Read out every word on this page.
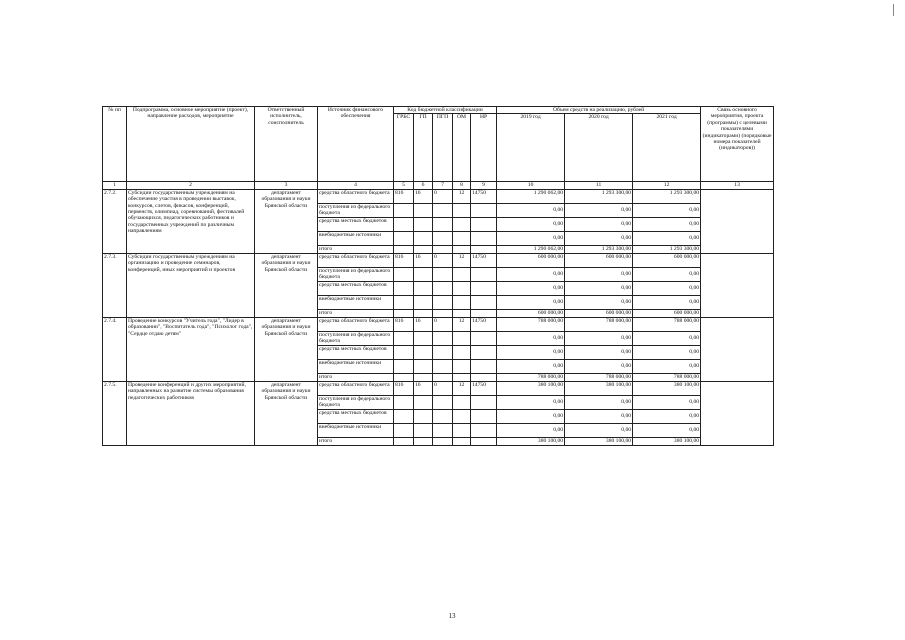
№ пп	Подпрограмма, основное мероприятие (проект), направление расходов, мероприятие	Ответственный исполнитель, соисполнитель	Источник финансового обеспечения	Код бюджетной классификации					Объем средств на реализацию, рублей			Связь основного мероприятия, проекта (программы) с целевыми показателями (индикаторами) (порядковые номера показателей (индикаторов))
				ГРБС	ГП	ПГП	ОМ	НР	2019 год	2020 год	2021 год	
1	2	3	4	5	6	7	8	9	10	11	12	13
2.7.2.	Субсидии государственным учреждениям на обеспечение участия в проведении выставок, конкурсов, слетов, фикасов, конференций, первенств, олимпиад, соревнований, фестивалей обучающихся, педагогических работников и государственных учреждений по различным направлениям	департамент образования и науки Брянской области	средства областного бюджета	816	16	0	12	14750	1 290 062,00	1 293 300,00	1 293 300,00	
			поступления из федерального бюджета						0,00	0,00	0,00	
			средства местных бюджетов						0,00	0,00	0,00	
			внебюджетные источники						0,00	0,00	0,00	
			итого						1 290 062,00	1 293 300,00	1 293 300,00	
2.7.3.	Субсидии государственным учреждениям на организацию и проведение семинаров, конференций, иных мероприятий и проектов	департамент образования и науки Брянской области	средства областного бюджета	816	16	0	12	14750	600 000,00	600 000,00	600 000,00	
			поступления из федерального бюджета						0,00	0,00	0,00	
			средства местных бюджетов						0,00	0,00	0,00	
			внебюджетные источники						0,00	0,00	0,00	
			итого						600 000,00	600 000,00	600 000,00	
2.7.4.	Проведение конкурсов "Учитель года", "Лидер в образовании", "Воспитатель года", "Психолог года", "Сердце отдаю детям"	департамент образования и науки Брянской области	средства областного бюджета	816	16	0	12	14750	788 000,00	788 000,00	788 000,00	
			поступления из федерального бюджета						0,00	0,00	0,00	
			средства местных бюджетов						0,00	0,00	0,00	
			внебюджетные источники						0,00	0,00	0,00	
			итого						788 000,00	788 000,00	788 000,00	
2.7.5.	Проведение конференций и других мероприятий, направленных на развитие системы образования педагогических работников	департамент образования и науки Брянской области	средства областного бюджета	816	16	0	12	14750	380 100,00	380 100,00	380 100,00	
			поступления из федерального бюджета						0,00	0,00	0,00	
			средства местных бюджетов						0,00	0,00	0,00	
			внебюджетные источники						0,00	0,00	0,00	
			итого						380 100,00	380 100,00	380 100,00	
13
